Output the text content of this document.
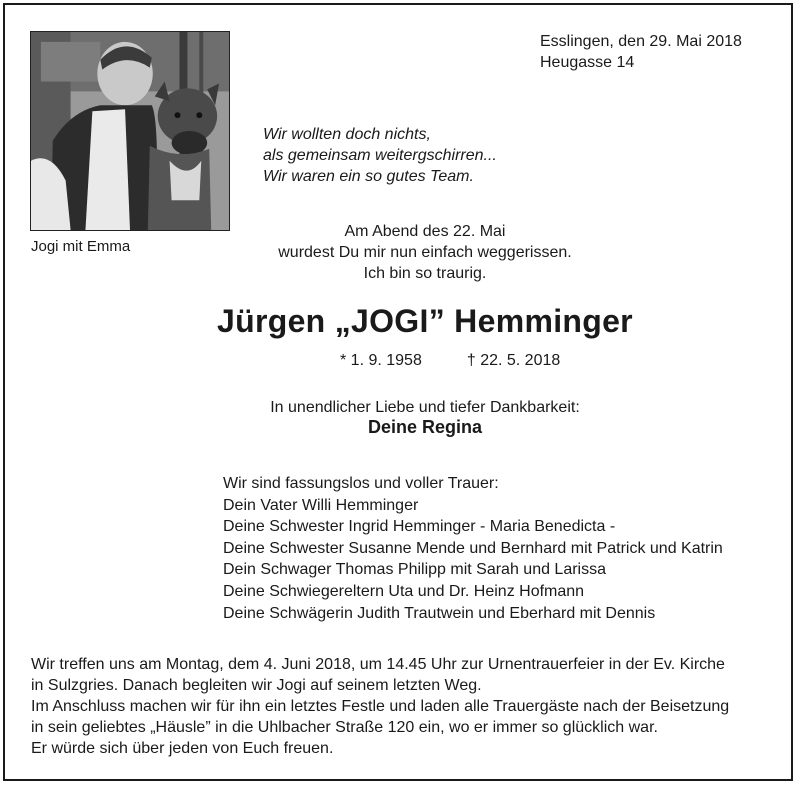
Jogi mit Emma
Esslingen, den 29. Mai 2018
Heugasse 14
Wir wollten doch nichts,
als gemeinsam weitergschirren...
Wir waren ein so gutes Team.
Am Abend des 22. Mai
wurdest Du mir nun einfach weggerissen.
Ich bin so traurig.
Jürgen „JOGI” Hemminger
* 1. 9. 1958	† 22. 5. 2018
In unendlicher Liebe und tiefer Dankbarkeit:
Deine Regina
Wir sind fassungslos und voller Trauer:
Dein Vater Willi Hemminger
Deine Schwester Ingrid Hemminger - Maria Benedicta -
Deine Schwester Susanne Mende und Bernhard mit Patrick und Katrin
Dein Schwager Thomas Philipp mit Sarah und Larissa
Deine Schwiegereltern Uta und Dr. Heinz Hofmann
Deine Schwägerin Judith Trautwein und Eberhard mit Dennis
Wir treffen uns am Montag, dem 4. Juni 2018, um 14.45 Uhr zur Urnentrauerfeier in der Ev. Kirche
in Sulzgries. Danach begleiten wir Jogi auf seinem letzten Weg.
Im Anschluss machen wir für ihn ein letztes Festle und laden alle Trauergäste nach der Beisetzung
in sein geliebtes „Häusle” in die Uhlbacher Straße 120 ein, wo er immer so glücklich war.
Er würde sich über jeden von Euch freuen.
